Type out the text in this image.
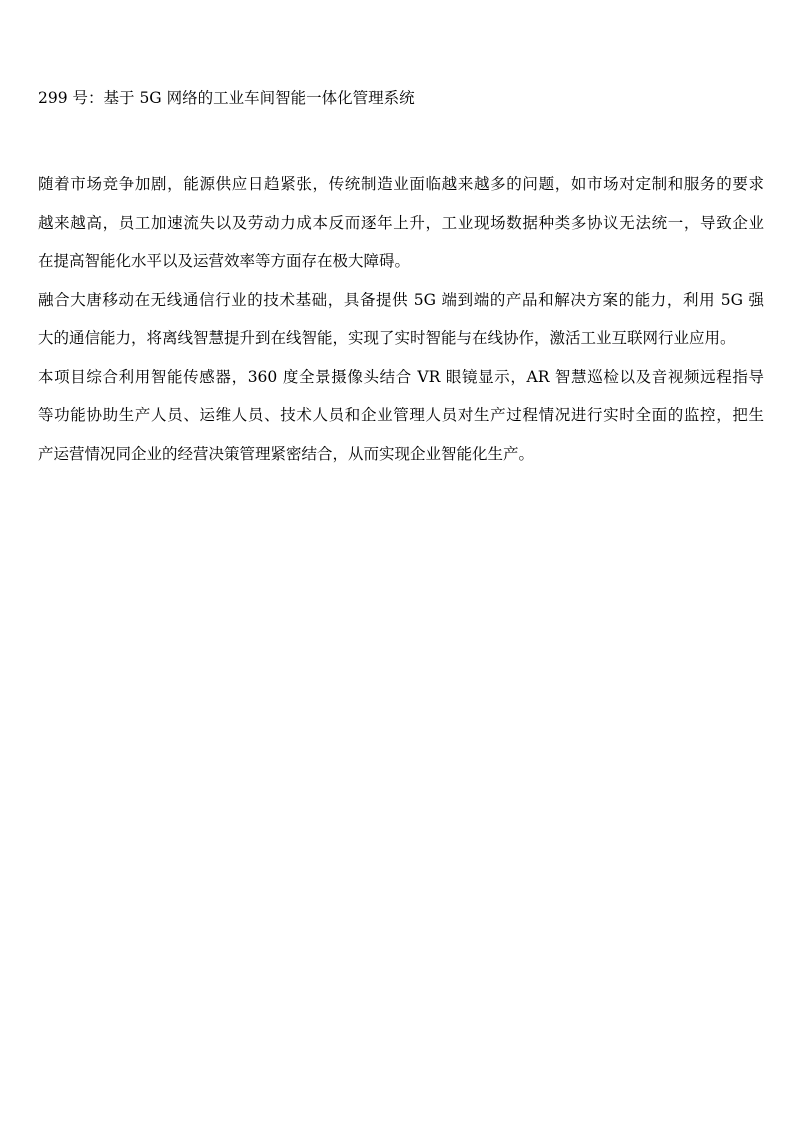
299 号：基于 5G 网络的工业车间智能一体化管理系统
随着市场竞争加剧，能源供应日趋紧张，传统制造业面临越来越多的问题，如市场对定制和服务的要求
越来越高，员工加速流失以及劳动力成本反而逐年上升，工业现场数据种类多协议无法统一，导致企业
在提高智能化水平以及运营效率等方面存在极大障碍。
融合大唐移动在无线通信行业的技术基础，具备提供 5G 端到端的产品和解决方案的能力，利用 5G 强
大的通信能力，将离线智慧提升到在线智能，实现了实时智能与在线协作，激活工业互联网行业应用。
本项目综合利用智能传感器，360 度全景摄像头结合 VR 眼镜显示，AR 智慧巡检以及音视频远程指导
等功能协助生产人员、运维人员、技术人员和企业管理人员对生产过程情况进行实时全面的监控，把生
产运营情况同企业的经营决策管理紧密结合，从而实现企业智能化生产。
